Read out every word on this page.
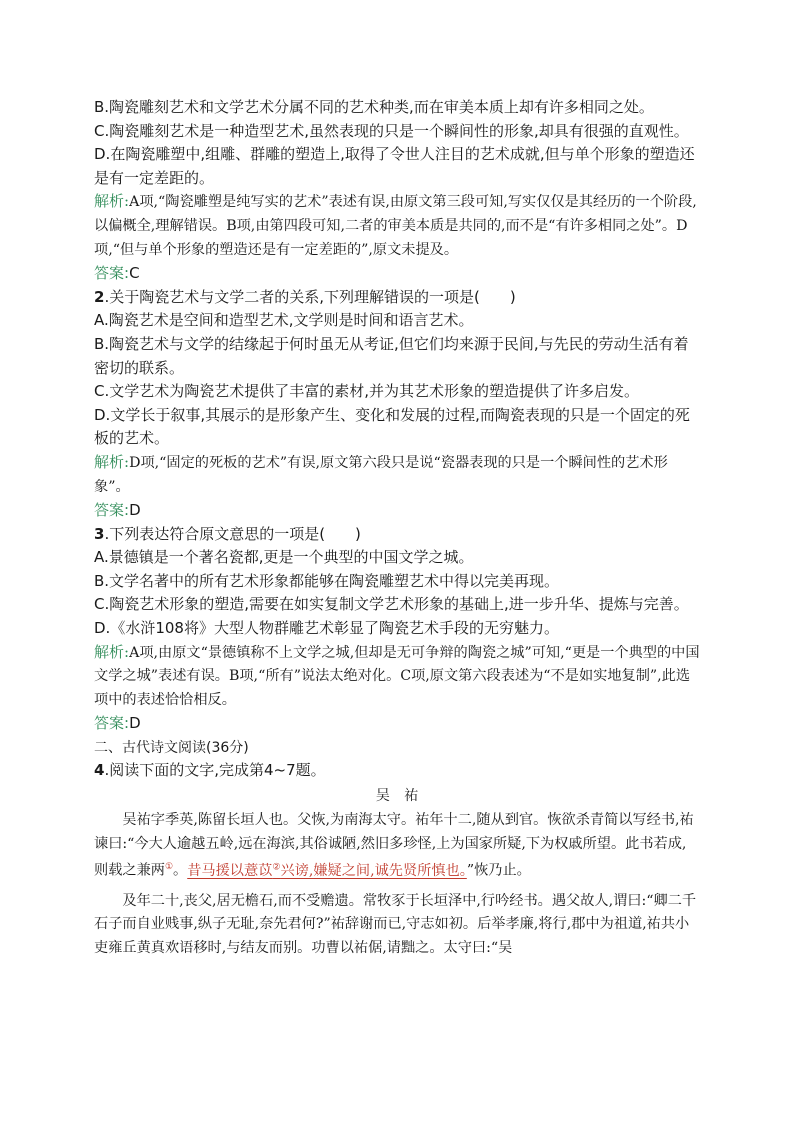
B.陶瓷雕刻艺术和文学艺术分属不同的艺术种类,而在审美本质上却有许多相同之处。

C.陶瓷雕刻艺术是一种造型艺术,虽然表现的只是一个瞬间性的形象,却具有很强的直观性。

D.在陶瓷雕塑中,组雕、群雕的塑造上,取得了令世人注目的艺术成就,但与单个形象的塑造还是有一定差距的。

解析:A项,“陶瓷雕塑是纯写实的艺术”表述有误,由原文第三段可知,写实仅仅是其经历的一个阶段,以偏概全,理解错误。B项,由第四段可知,二者的审美本质是共同的,而不是“有许多相同之处”。D项,“但与单个形象的塑造还是有一定差距的”,原文未提及。

答案:C

2.关于陶瓷艺术与文学二者的关系,下列理解错误的一项是(　　)

A.陶瓷艺术是空间和造型艺术,文学则是时间和语言艺术。

B.陶瓷艺术与文学的结缘起于何时虽无从考证,但它们均来源于民间,与先民的劳动生活有着密切的联系。

C.文学艺术为陶瓷艺术提供了丰富的素材,并为其艺术形象的塑造提供了许多启发。

D.文学长于叙事,其展示的是形象产生、变化和发展的过程,而陶瓷表现的只是一个固定的死板的艺术。

解析:D项,“固定的死板的艺术”有误,原文第六段只是说“瓷器表现的只是一个瞬间性的艺术形象”。

答案:D

3.下列表达符合原文意思的一项是(　　)

A.景德镇是一个著名瓷都,更是一个典型的中国文学之城。

B.文学名著中的所有艺术形象都能够在陶瓷雕塑艺术中得以完美再现。

C.陶瓷艺术形象的塑造,需要在如实复制文学艺术形象的基础上,进一步升华、提炼与完善。

D.《水浒108将》大型人物群雕艺术彰显了陶瓷艺术手段的无穷魅力。

解析:A项,由原文“景德镇称不上文学之城,但却是无可争辩的陶瓷之城”可知,“更是一个典型的中国文学之城”表述有误。B项,“所有”说法太绝对化。C项,原文第六段表述为“不是如实地复制”,此选项中的表述恰恰相反。

答案:D

二、古代诗文阅读(36分)

4.阅读下面的文字,完成第4~7题。

吴　祐

吴祐字季英,陈留长垣人也。父恢,为南海太守。祐年十二,随从到官。恢欲杀青简以写经书,祐谏曰:“今大人逾越五岭,远在海滨,其俗诚陋,然旧多珍怪,上为国家所疑,下为权戚所望。此书若成,则载之兼两①。昔马援以薏苡②兴谤,嫌疑之间,诚先贤所慎也。”恢乃止。

及年二十,丧父,居无檐石,而不受赡遗。常牧豕于长垣泽中,行吟经书。遇父故人,谓曰:“卿二千石子而自业贱事,纵子无耻,奈先君何?”祐辞谢而已,守志如初。后举孝廉,将行,郡中为祖道,祐共小吏雍丘黄真欢语移时,与结友而别。功曹以祐倨,请黜之。太守曰:“吴
